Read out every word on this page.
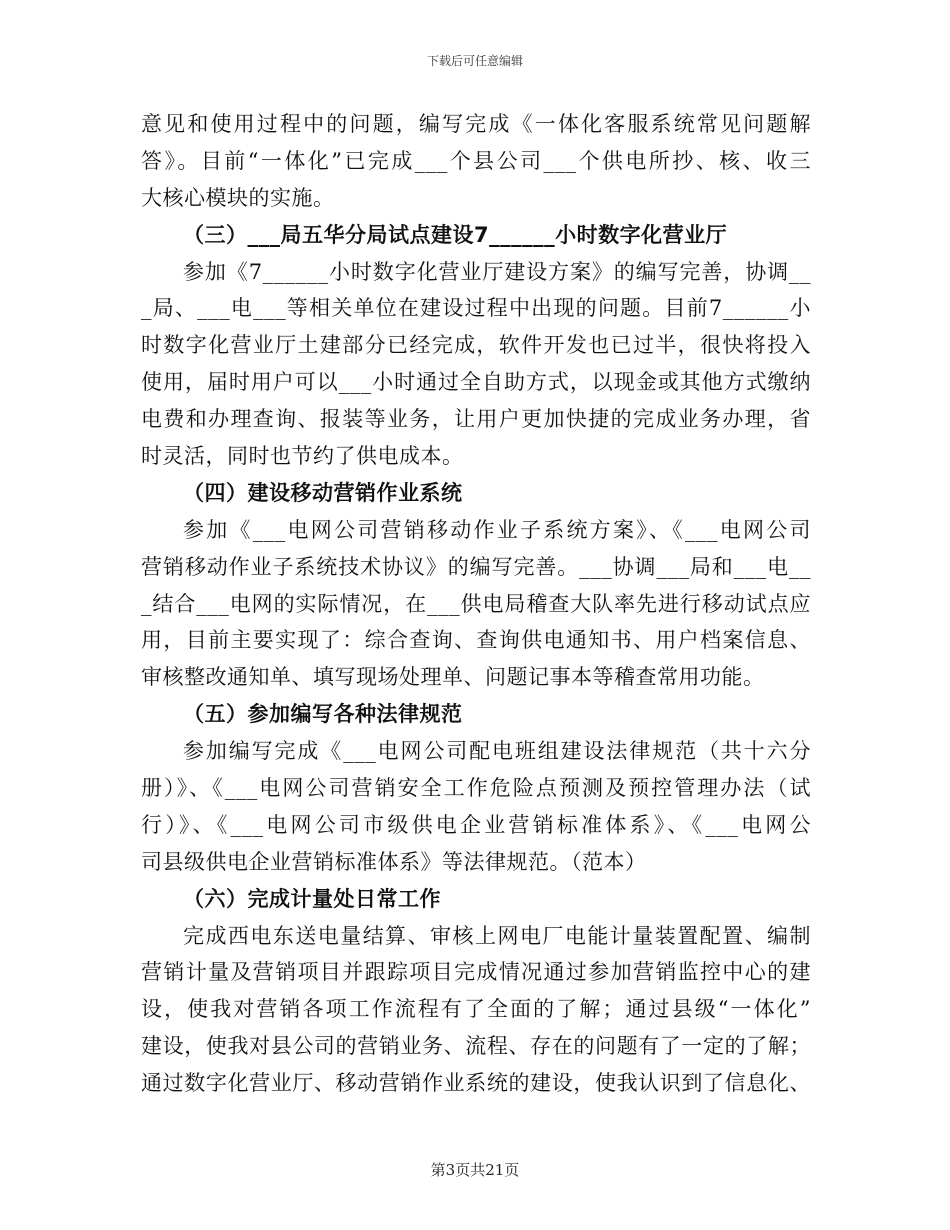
下载后可任意编辑
意见和使用过程中的问题，编写完成《一体化客服系统常见问题解
答》。目前“一体化”已完成___个县公司___个供电所抄、核、收三
大核心模块的实施。
（三）___局五华分局试点建设7______小时数字化营业厅
参加《7______小时数字化营业厅建设方案》的编写完善，协调__
_局、___电___等相关单位在建设过程中出现的问题。目前7______小
时数字化营业厅土建部分已经完成，软件开发也已过半，很快将投入
使用，届时用户可以___小时通过全自助方式，以现金或其他方式缴纳
电费和办理查询、报装等业务，让用户更加快捷的完成业务办理，省
时灵活，同时也节约了供电成本。
（四）建设移动营销作业系统
参加《___电网公司营销移动作业子系统方案》、《___电网公司
营销移动作业子系统技术协议》的编写完善。___协调___局和___电__
_结合___电网的实际情况，在___供电局稽查大队率先进行移动试点应
用，目前主要实现了：综合查询、查询供电通知书、用户档案信息、
审核整改通知单、填写现场处理单、问题记事本等稽查常用功能。
（五）参加编写各种法律规范
参加编写完成《___电网公司配电班组建设法律规范（共十六分
册）》、《___电网公司营销安全工作危险点预测及预控管理办法（试
行）》、《___电网公司市级供电企业营销标准体系》、《___电网公
司县级供电企业营销标准体系》等法律规范。（范本）
（六）完成计量处日常工作
完成西电东送电量结算、审核上网电厂电能计量装置配置、编制
营销计量及营销项目并跟踪项目完成情况通过参加营销监控中心的建
设，使我对营销各项工作流程有了全面的了解；通过县级“一体化”
建设，使我对县公司的营销业务、流程、存在的问题有了一定的了解；
通过数字化营业厅、移动营销作业系统的建设，使我认识到了信息化、
第3页共21页
